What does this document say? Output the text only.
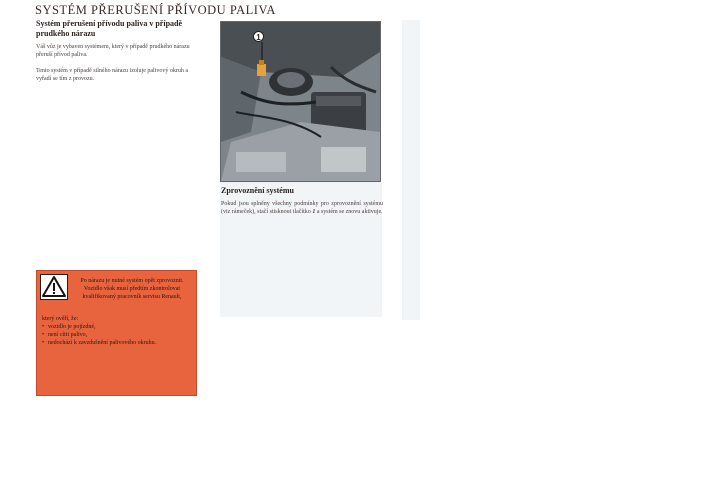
SYSTÉM PŘERUŠENÍ PŘÍVODU PALIVA
Systém přerušení přívodu paliva v případě prudkého nárazu

Váš vůz je vybaven systémem, který v případě prudkého nárazu přeruší přívod paliva.

Tento systém v případě silného nárazu izoluje palivový okruh a vyřadí se tím z provozu.

1
Zprovoznění systému
Pokud jsou splněny všechny podmínky pro zprovoznění systému (viz rámeček), stačí stisknout tlačítko 1 a systém se znovu aktivuje.
Po nárazu je nutné systém opět zprovoznit. Vozidlo však musí předtím zkontrolovat kvalifikovaný pracovník servisu Renault,
který ověří, že:
• vozidlo je pojízdné,
• není cítit palivo,
• nedochází k zavzdušnění palivového okruhu.
